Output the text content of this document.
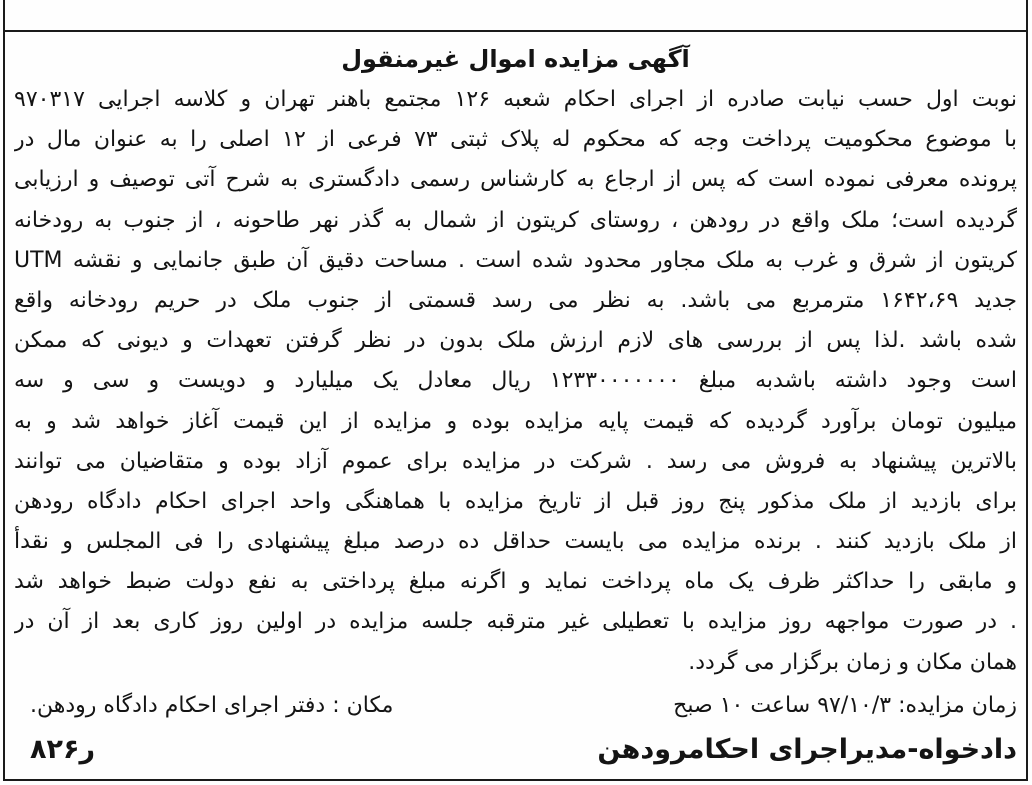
آگهی مزایده اموال غیرمنقول
نوبت اول حسب نیابت صادره از اجرای احکام شعبه ۱۲۶ مجتمع باهنر تهران و کلاسه اجرایی ۹۷۰۳۱۷
با موضوع محکومیت پرداخت وجه که محکوم له پلاک ثبتی ۷۳ فرعی از ۱۲ اصلی را به عنوان مال در
پرونده معرفی نموده است که پس از ارجاع به کارشناس رسمی دادگستری به شرح آتی توصیف و ارزیابی
گردیده است؛ ملک واقع در رودهن ، روستای کریتون از شمال به گذر نهر طاحونه ، از جنوب به رودخانه
کریتون از شرق و غرب به ملک مجاور محدود شده است . مساحت دقیق آن طبق جانمایی و نقشه UTM
جدید ۱۶۴۲،۶۹ مترمربع می باشد. به نظر می رسد قسمتی از جنوب ملک در حریم رودخانه واقع
شده باشد .لذا پس از بررسی های لازم ارزش ملک بدون در نظر گرفتن تعهدات و دیونی که ممکن
است وجود داشته باشدبه مبلغ ۱۲۳۳۰۰۰۰۰۰۰ ریال معادل یک میلیارد و دویست و سی و سه
میلیون تومان برآورد گردیده که قیمت پایه مزایده بوده و مزایده از این قیمت آغاز خواهد شد و به
بالاترین پیشنهاد به فروش می رسد . شرکت در مزایده برای عموم آزاد بوده و متقاضیان می توانند
برای بازدید از ملک مذکور پنج روز قبل از تاریخ مزایده با هماهنگی واحد اجرای احکام دادگاه رودهن
از ملک بازدید کنند . برنده مزایده می بایست حداقل ده درصد مبلغ پیشنهادی را فی المجلس و نقدأ
و مابقی را حداکثر ظرف یک ماه پرداخت نماید و اگرنه مبلغ پرداختی به نفع دولت ضبط خواهد شد
. در صورت مواجهه روز مزایده با تعطیلی غیر مترقبه جلسه مزایده در اولین روز کاری بعد از آن در
همان مکان و زمان برگزار می گردد.
زمان مزایده: ۹۷/۱۰/۳ ساعت ۱۰ صبح
مکان : دفتر اجرای احکام دادگاه رودهن.
دادخواه-مدیراجرای احکامرودهن
ر۸۲۶
